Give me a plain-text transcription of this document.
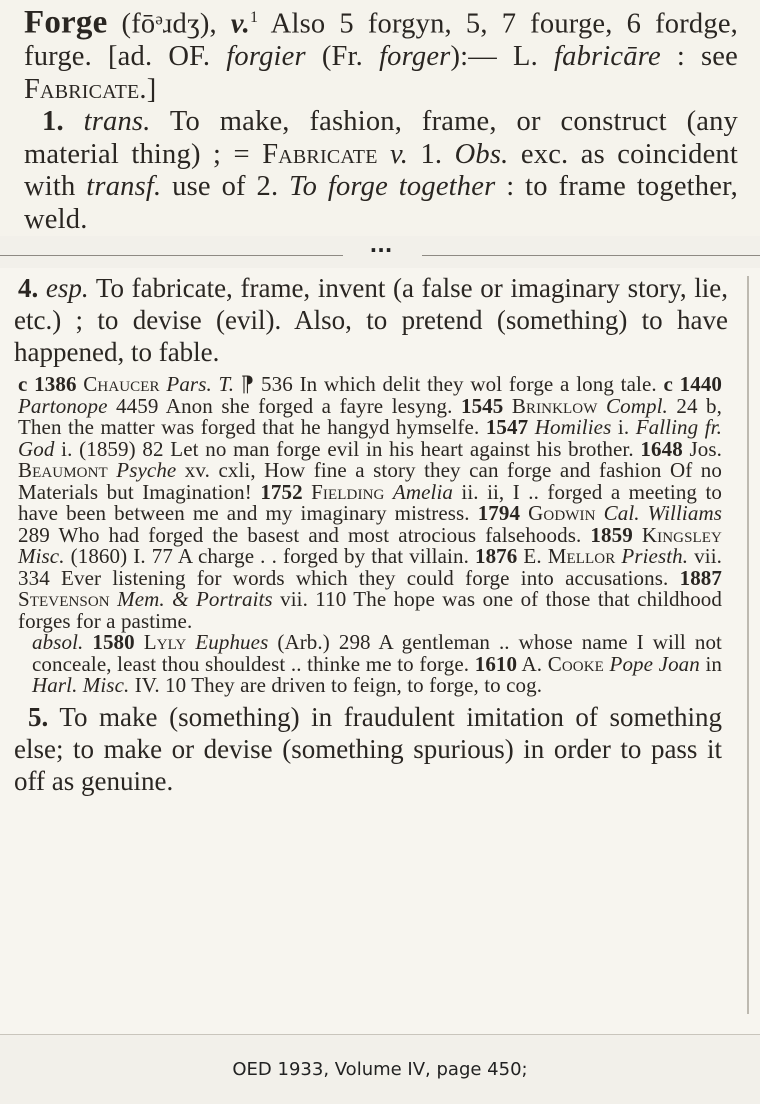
Forge (fōᵊɹdʒ), v.$^1$ Also 5 forgyn, 5, 7 fourge, 6 fordge, furge. [ad. OF. forgier (Fr. forger):— L. fabricāre : see Fabricate.]

1. trans. To make, fashion, frame, or construct (any material thing) ; = Fabricate v. 1. Obs. exc. as coincident with transf. use of 2. To forge together : to frame together, weld.

···

4. esp. To fabricate, frame, invent (a false or imaginary story, lie, etc.) ; to devise (evil). Also, to pretend (something) to have happened, to fable.

c 1386 Chaucer Pars. T. ⁋ 536 In which delit they wol forge a long tale. c 1440 Partonope 4459 Anon she forged a fayre lesyng. 1545 Brinklow Compl. 24 b, Then the matter was forged that he hangyd hymselfe. 1547 Homilies i. Falling fr. God i. (1859) 82 Let no man forge evil in his heart against his brother. 1648 Jos. Beaumont Psyche xv. cxli, How fine a story they can forge and fashion Of no Materials but Imagination! 1752 Fielding Amelia ii. ii, I .. forged a meeting to have been between me and my imaginary mistress. 1794 Godwin Cal. Williams 289 Who had forged the basest and most atrocious falsehoods. 1859 Kingsley Misc. (1860) I. 77 A charge . . forged by that villain. 1876 E. Mellor Priesth. vii. 334 Ever listening for words which they could forge into accusations. 1887 Stevenson Mem. & Portraits vii. 110 The hope was one of those that childhood forges for a pastime.

absol. 1580 Lyly Euphues (Arb.) 298 A gentleman .. whose name I will not conceale, least thou shouldest .. thinke me to forge. 1610 A. Cooke Pope Joan in Harl. Misc. IV. 10 They are driven to feign, to forge, to cog.

5. To make (something) in fraudulent imitation of something else; to make or devise (something spurious) in order to pass it off as genuine.

OED 1933, Volume IV, page 450;
